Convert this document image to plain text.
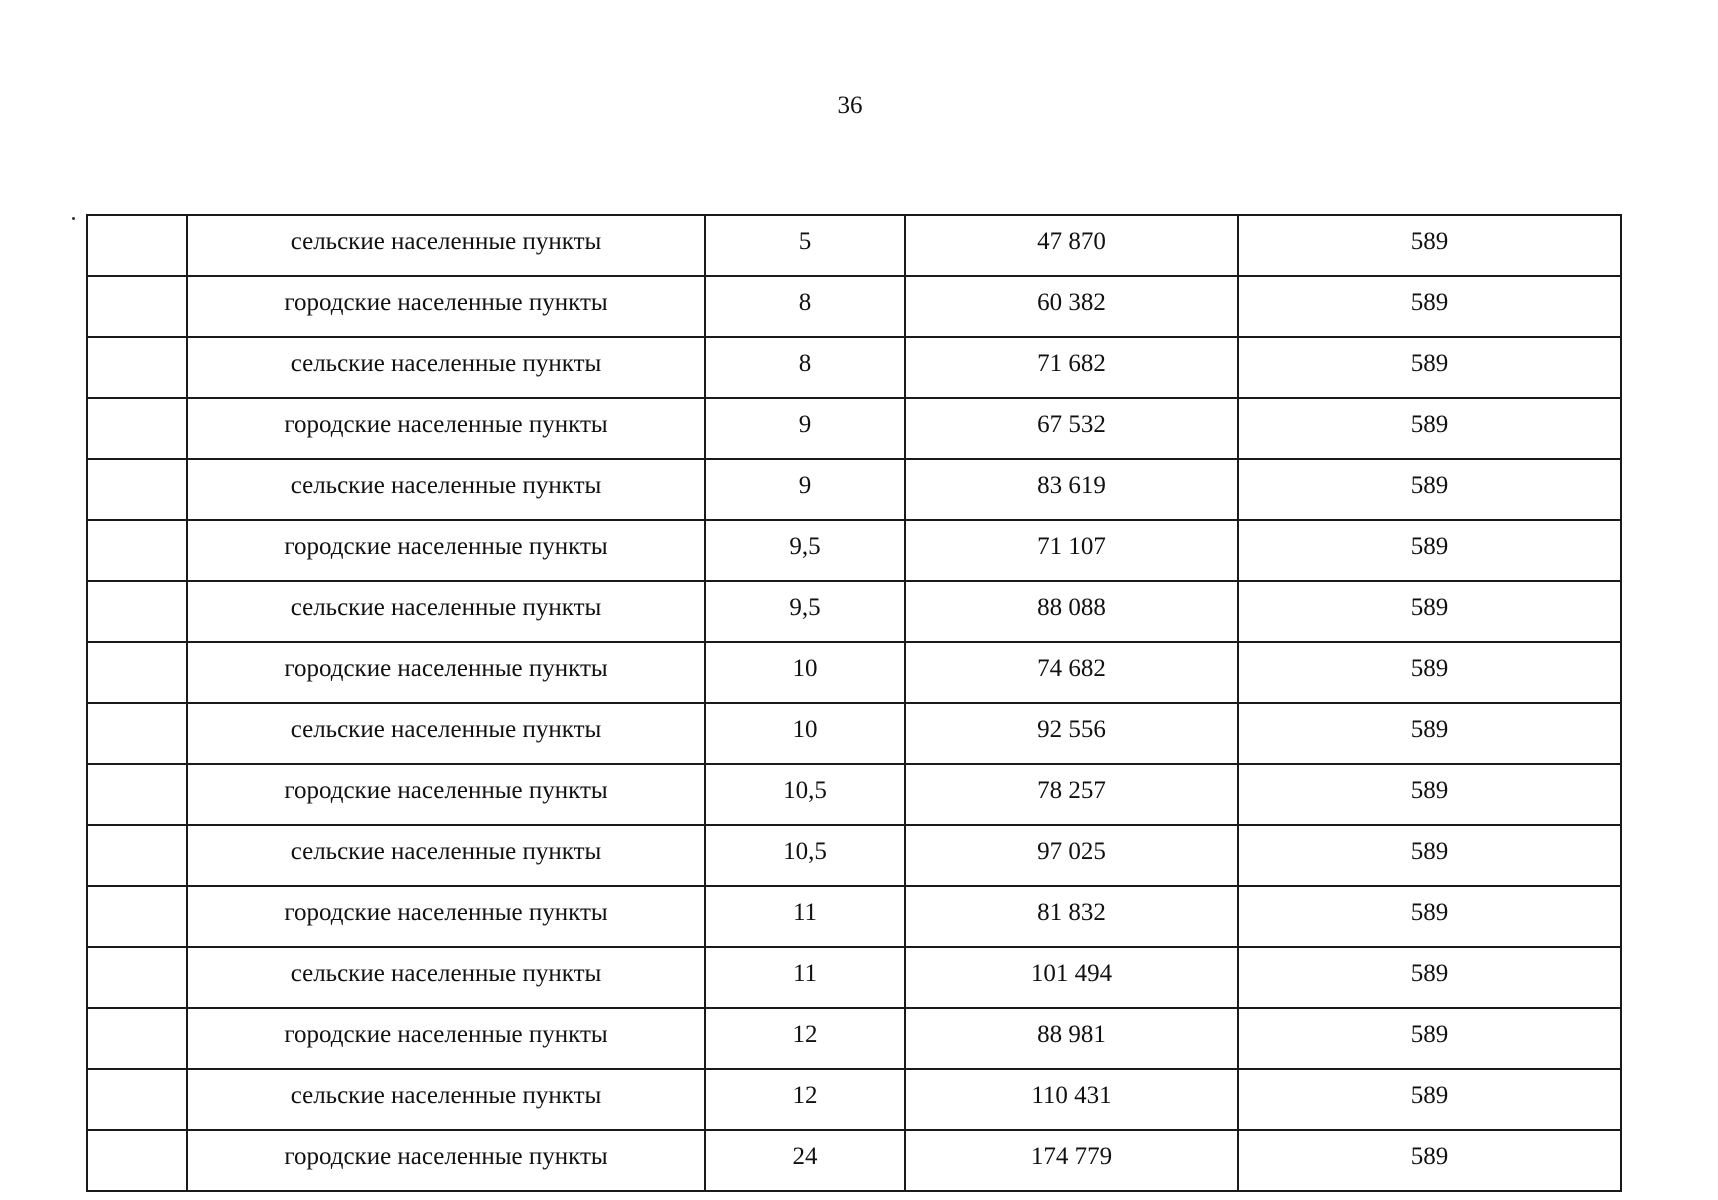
36
	сельские населенные пункты	5	47 870	589
	городские населенные пункты	8	60 382	589
	сельские населенные пункты	8	71 682	589
	городские населенные пункты	9	67 532	589
	сельские населенные пункты	9	83 619	589
	городские населенные пункты	9,5	71 107	589
	сельские населенные пункты	9,5	88 088	589
	городские населенные пункты	10	74 682	589
	сельские населенные пункты	10	92 556	589
	городские населенные пункты	10,5	78 257	589
	сельские населенные пункты	10,5	97 025	589
	городские населенные пункты	11	81 832	589
	сельские населенные пункты	11	101 494	589
	городские населенные пункты	12	88 981	589
	сельские населенные пункты	12	110 431	589
	городские населенные пункты	24	174 779	589
